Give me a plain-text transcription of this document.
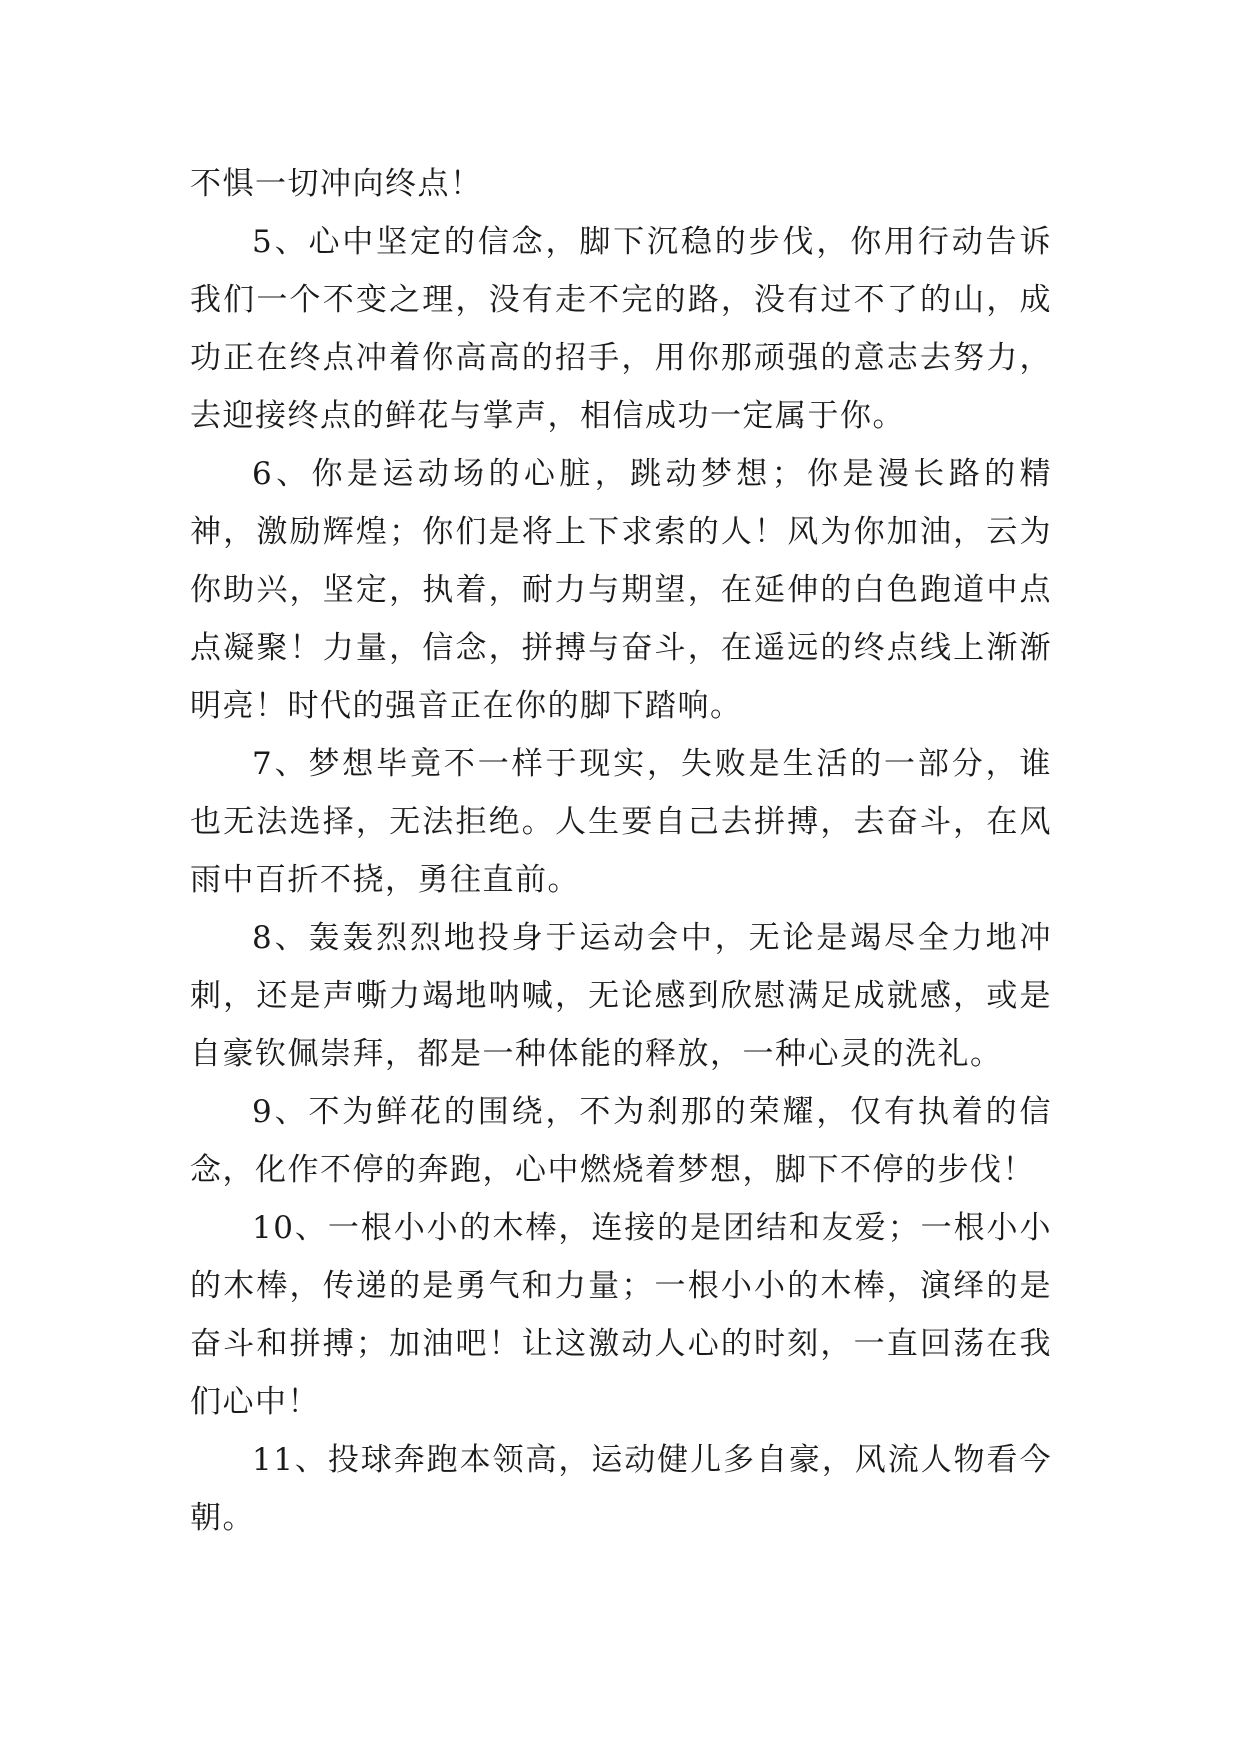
不惧一切冲向终点！

5、心中坚定的信念，脚下沉稳的步伐，你用行动告诉我们一个不变之理，没有走不完的路，没有过不了的山，成功正在终点冲着你高高的招手，用你那顽强的意志去努力，去迎接终点的鲜花与掌声，相信成功一定属于你。

6、你是运动场的心脏，跳动梦想；你是漫长路的精神，激励辉煌；你们是将上下求索的人！风为你加油，云为你助兴，坚定，执着，耐力与期望，在延伸的白色跑道中点点凝聚！力量，信念，拼搏与奋斗，在遥远的终点线上渐渐明亮！时代的强音正在你的脚下踏响。

7、梦想毕竟不一样于现实，失败是生活的一部分，谁也无法选择，无法拒绝。人生要自己去拼搏，去奋斗，在风雨中百折不挠，勇往直前。

8、轰轰烈烈地投身于运动会中，无论是竭尽全力地冲刺，还是声嘶力竭地呐喊，无论感到欣慰满足成就感，或是自豪钦佩崇拜，都是一种体能的释放，一种心灵的洗礼。

9、不为鲜花的围绕，不为刹那的荣耀，仅有执着的信念，化作不停的奔跑，心中燃烧着梦想，脚下不停的步伐！

10、一根小小的木棒，连接的是团结和友爱；一根小小的木棒，传递的是勇气和力量；一根小小的木棒，演绎的是奋斗和拼搏；加油吧！让这激动人心的时刻，一直回荡在我们心中！

11、投球奔跑本领高，运动健儿多自豪，风流人物看今朝。
